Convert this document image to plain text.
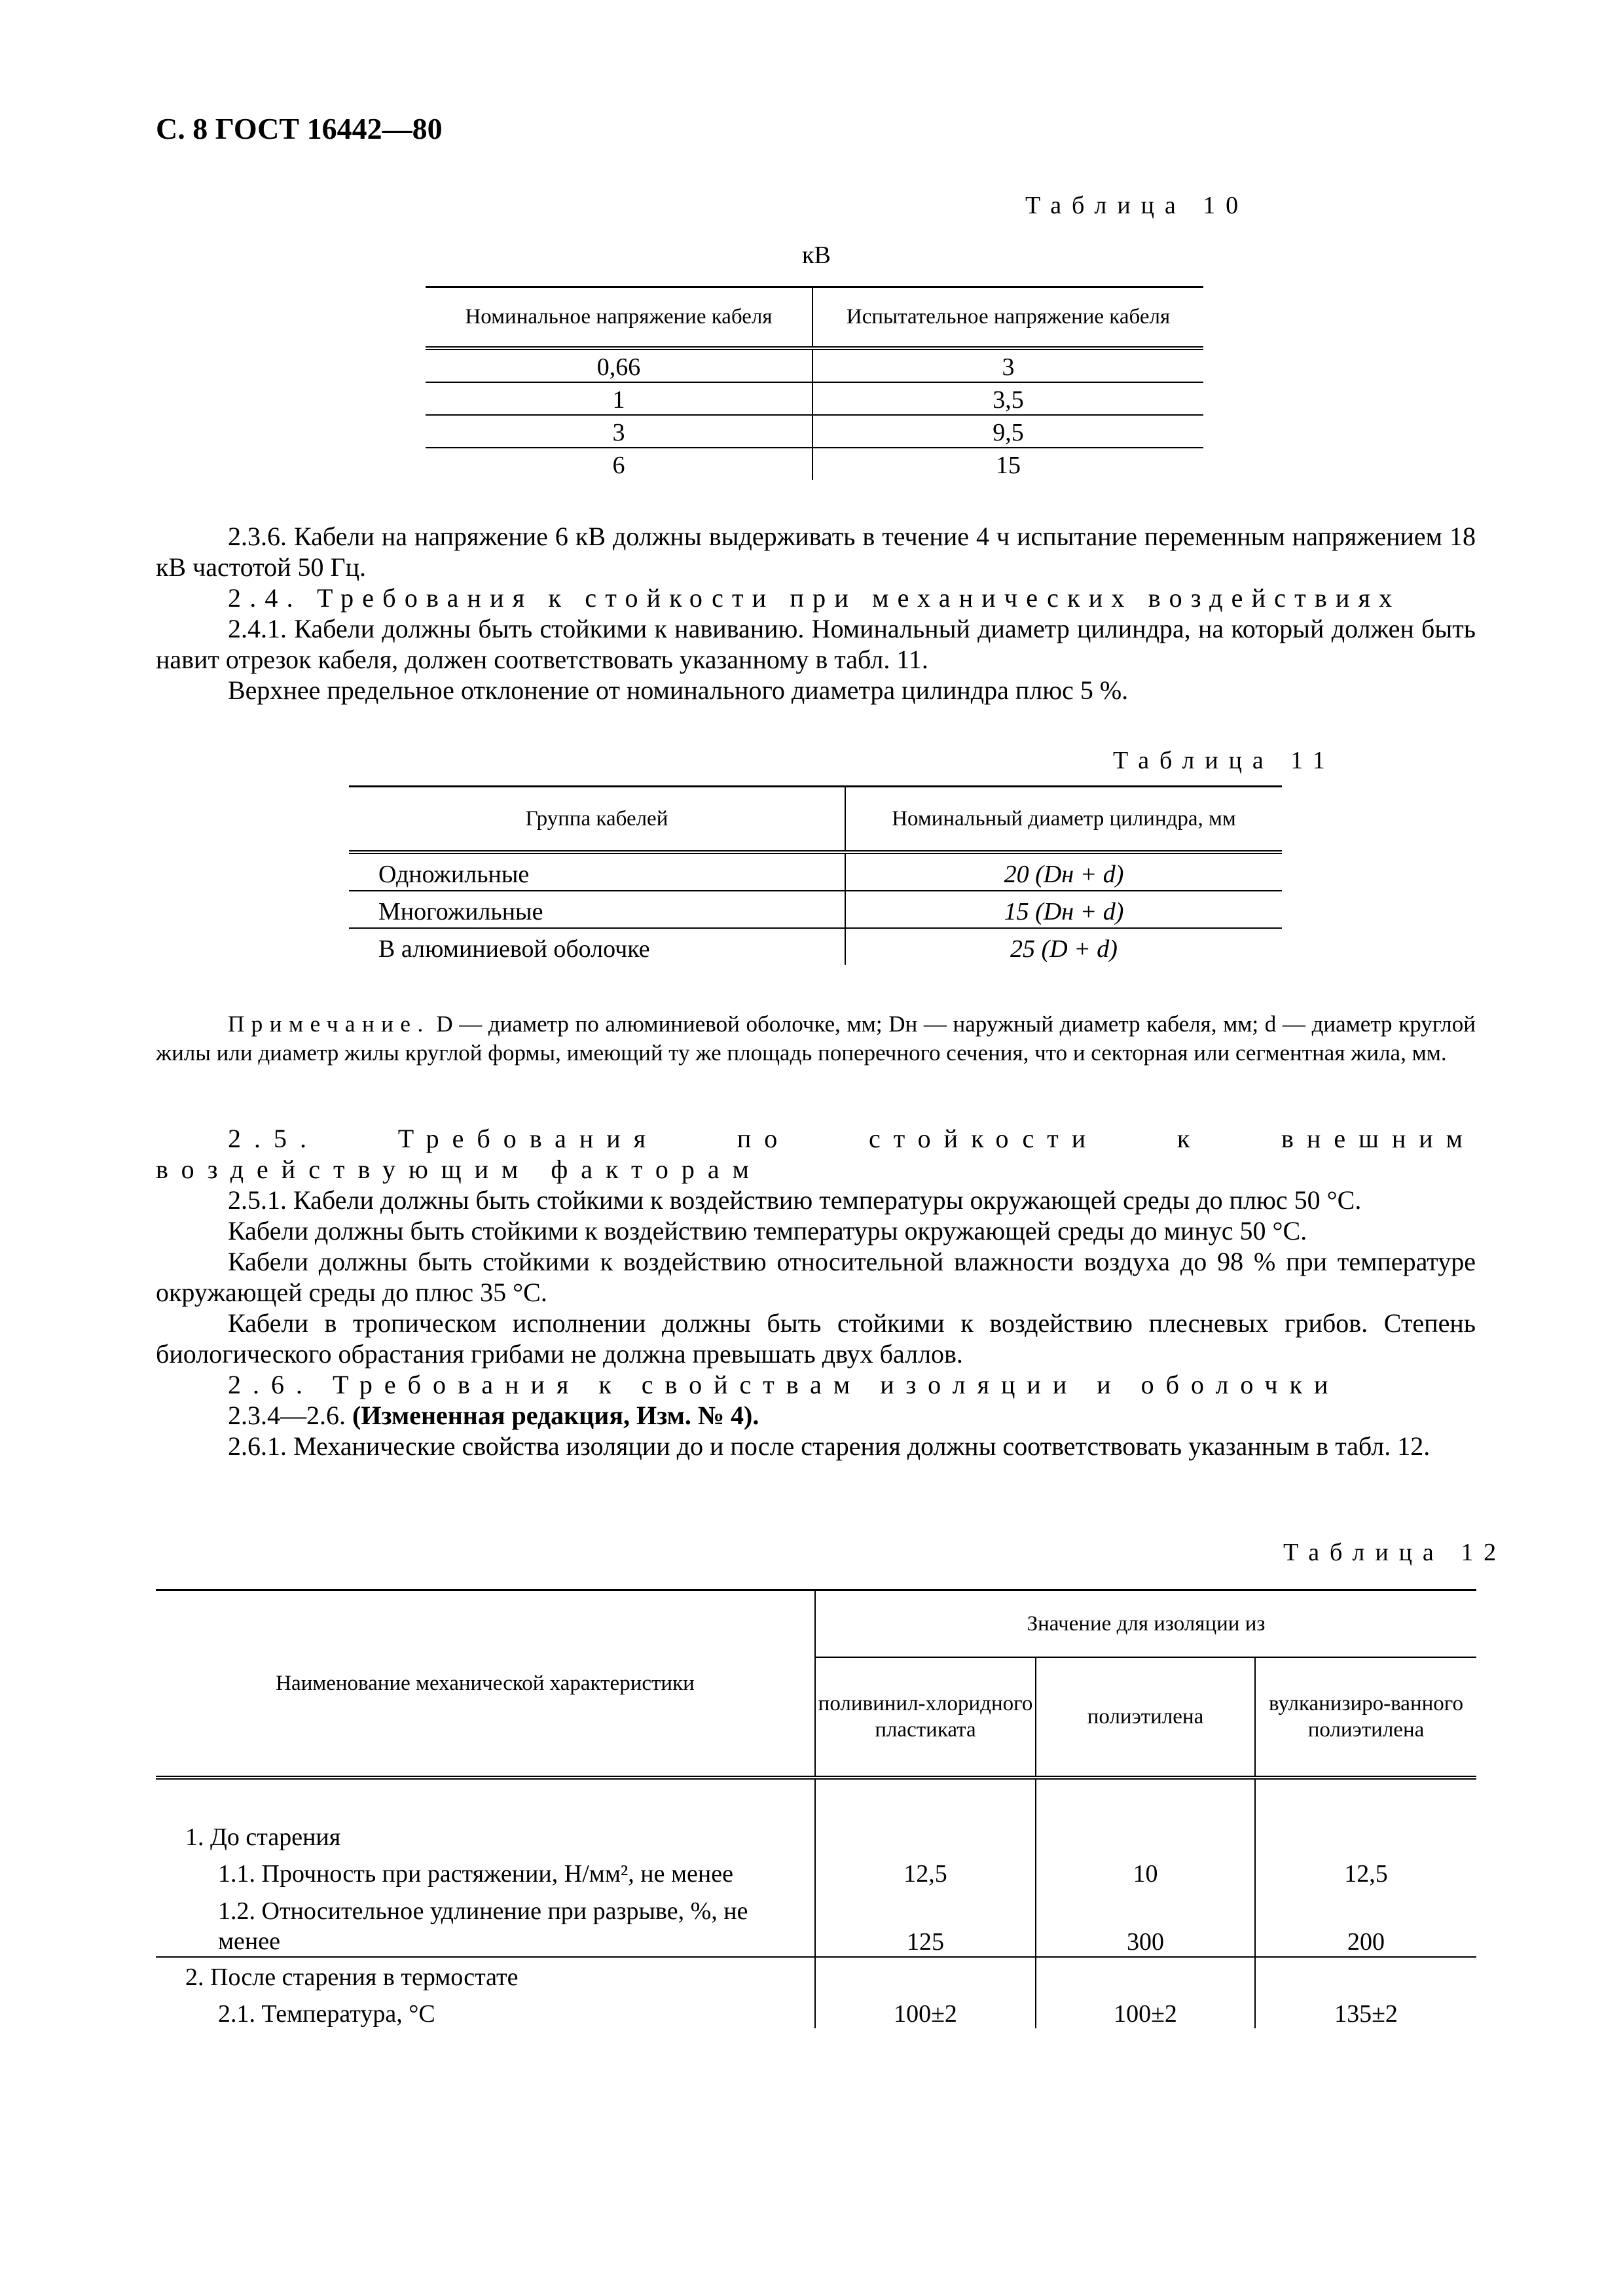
С. 8 ГОСТ 16442—80
Таблица 10
кВ
Номинальное напряжение кабеля	Испытательное напряжение кабеля
0,66	3
1	3,5
3	9,5
6	15

2.3.6. Кабели на напряжение 6 кВ должны выдерживать в течение 4 ч испытание переменным напряжением 18 кВ частотой 50 Гц.

2.4. Требования к стойкости при механических воздействиях

2.4.1. Кабели должны быть стойкими к навиванию. Номинальный диаметр цилиндра, на который должен быть навит отрезок кабеля, должен соответствовать указанному в табл. 11.

Верхнее предельное отклонение от номинального диаметра цилиндра плюс 5 %.

Таблица 11
Группа кабелей	Номинальный диаметр цилиндра, мм
Одножильные	20 (Dн + d)
Многожильные	15 (Dн + d)
В алюминиевой оболочке	25 (D + d)

Примечание. D — диаметр по алюминиевой оболочке, мм; Dн — наружный диаметр кабеля, мм; d — диаметр круглой жилы или диаметр жилы круглой формы, имеющий ту же площадь поперечного сечения, что и секторная или сегментная жила, мм.

2.5. Требования по стойкости к внешним воздействующим факторам

2.5.1. Кабели должны быть стойкими к воздействию температуры окружающей среды до плюс 50 °С.

Кабели должны быть стойкими к воздействию температуры окружающей среды до минус 50 °С.

Кабели должны быть стойкими к воздействию относительной влажности воздуха до 98 % при температуре окружающей среды до плюс 35 °С.

Кабели в тропическом исполнении должны быть стойкими к воздействию плесневых грибов. Степень биологического обрастания грибами не должна превышать двух баллов.

2.6. Требования к свойствам изоляции и оболочки

2.3.4—2.6. (Измененная редакция, Изм. № 4).

2.6.1. Механические свойства изоляции до и после старения должны соответствовать указанным в табл. 12.

Таблица 12
Наименование механической характеристики	Значение для изоляции из		
	поливинил-хлоридного пластиката	полиэтилена	вулканизиро-ванного полиэтилена
1. До старения			
1.1. Прочность при растяжении, Н/мм², не менее	12,5	10	12,5
1.2. Относительное удлинение при разрыве, %, не менее	125	300	200
2. После старения в термостате			
2.1. Температура, °С	100±2	100±2	135±2
